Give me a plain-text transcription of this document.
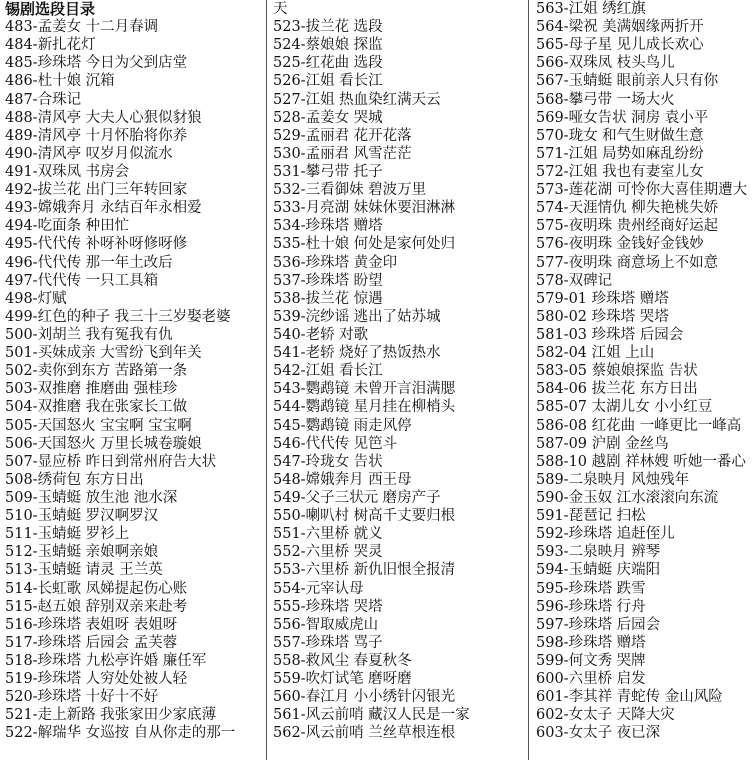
锡剧选段目录
483-孟姜女 十二月春调
484-新扎花灯
485-珍珠塔 今日为父到店堂
486-杜十娘 沉箱
487-合珠记
488-清风亭 大夫人心狠似豺狼
489-清风亭 十月怀胎将你养
490-清风亭 叹岁月似流水
491-双珠凤 书房会
492-拔兰花 出门三年转回家
493-嫦娥奔月 永结百年永相爱
494-吃面条 种田忙
495-代代传 补呀补呀修呀修
496-代代传 那一年土改后
497-代代传 一只工具箱
498-灯赋
499-红色的种子 我三十三岁娶老婆
500-刘胡兰 我有冤我有仇
501-买妹成亲 大雪纷飞到年关
502-卖你到东方 苦路第一条
503-双推磨 推磨曲 强桂珍
504-双推磨 我在张家长工做
505-天国怒火 宝宝啊 宝宝啊
506-天国怒火 万里长城卷璇娘
507-显应桥 昨日到常州府告大状
508-绣荷包 东方日出
509-玉蜻蜓 放生池 池水深
510-玉蜻蜓 罗汉啊罗汉
511-玉蜻蜓 罗衫上
512-玉蜻蜓 亲娘啊亲娘
513-玉蜻蜓 请灵 王兰英
514-长虹歌 凤娣提起伤心账
515-赵五娘 辞别双亲来赴考
516-珍珠塔 表姐呀 表姐呀
517-珍珠塔 后园会 孟芙蓉
518-珍珠塔 九松亭许婚 廉任军
519-珍珠塔 人穷处处被人轻
520-珍珠塔 十好十不好
521-走上新路 我张家田少家底薄
522-解瑞华 女巡按 自从你走的那一
天
523-拔兰花 选段
524-蔡娘娘 探监
525-红花曲 选段
526-江姐 看长江
527-江姐 热血染红满天云
528-孟姜女 哭城
529-孟丽君 花开花落
530-孟丽君 风雪茫茫
531-攀弓带 托子
532-三看御妹 碧波万里
533-月亮湖 妹妹休要泪淋淋
534-珍珠塔 赠塔
535-杜十娘 何处是家何处归
536-珍珠塔 黄金印
537-珍珠塔 盼望
538-拔兰花 惊遇
539-浣纱谣 逃出了姑苏城
540-老轿 对歌
541-老轿 烧好了热饭热水
542-江姐 看长江
543-鹦鹉镜 未曾开言泪满腮
544-鹦鹉镜 星月挂在柳梢头
545-鹦鹉镜 雨走风停
546-代代传 见笆斗
547-玲珑女 告状
548-嫦娥奔月 西王母
549-父子三状元 磨房产子
550-喇叭村 树高千丈要归根
551-六里桥 就义
552-六里桥 哭灵
553-六里桥 新仇旧恨全报清
554-元宰认母
555-珍珠塔 哭塔
556-智取威虎山
557-珍珠塔 骂子
558-救风尘 春夏秋冬
559-吹灯试笔 磨呀磨
560-春江月 小小绣针闪银光
561-风云前哨 藏汉人民是一家
562-风云前哨 兰丝草根连根
563-江姐 绣红旗
564-梁祝 美满姻缘两折开
565-母子星 见儿成长欢心
566-双珠凤 枝头鸟儿
567-玉蜻蜓 眼前亲人只有你
568-攀弓带 一场大火
569-哑女告状 洞房 袁小平
570-珑女 和气生财做生意
571-江姐 局势如麻乱纷纷
572-江姐 我也有妻室儿女
573-莲花湖 可怜你大喜佳期遭大
574-天涯情仇 柳失艳桃失娇
575-夜明珠 贵州经商好运起
576-夜明珠 金钱好金钱妙
577-夜明珠 商意场上不如意
578-双碑记
579-01 珍珠塔 赠塔
580-02 珍珠塔 哭塔
581-03 珍珠塔 后园会
582-04 江姐 上山
583-05 蔡娘娘探监 告状
584-06 拔兰花 东方日出
585-07 太湖儿女 小小红豆
586-08 红花曲 一峰更比一峰高
587-09 沪剧 金丝鸟
588-10 越剧 祥林嫂 听她一番心
589-二泉映月 风烛残年
590-金玉奴 江水滚滚向东流
591-琵琶记 扫松
592-珍珠塔 追赶侄儿
593-二泉映月 辨琴
594-玉蜻蜓 庆端阳
595-珍珠塔 跌雪
596-珍珠塔 行舟
597-珍珠塔 后园会
598-珍珠塔 赠塔
599-何文秀 哭牌
600-六里桥 启发
601-李其祥 青蛇传 金山风险
602-女太子 天降大灾
603-女太子 夜已深
